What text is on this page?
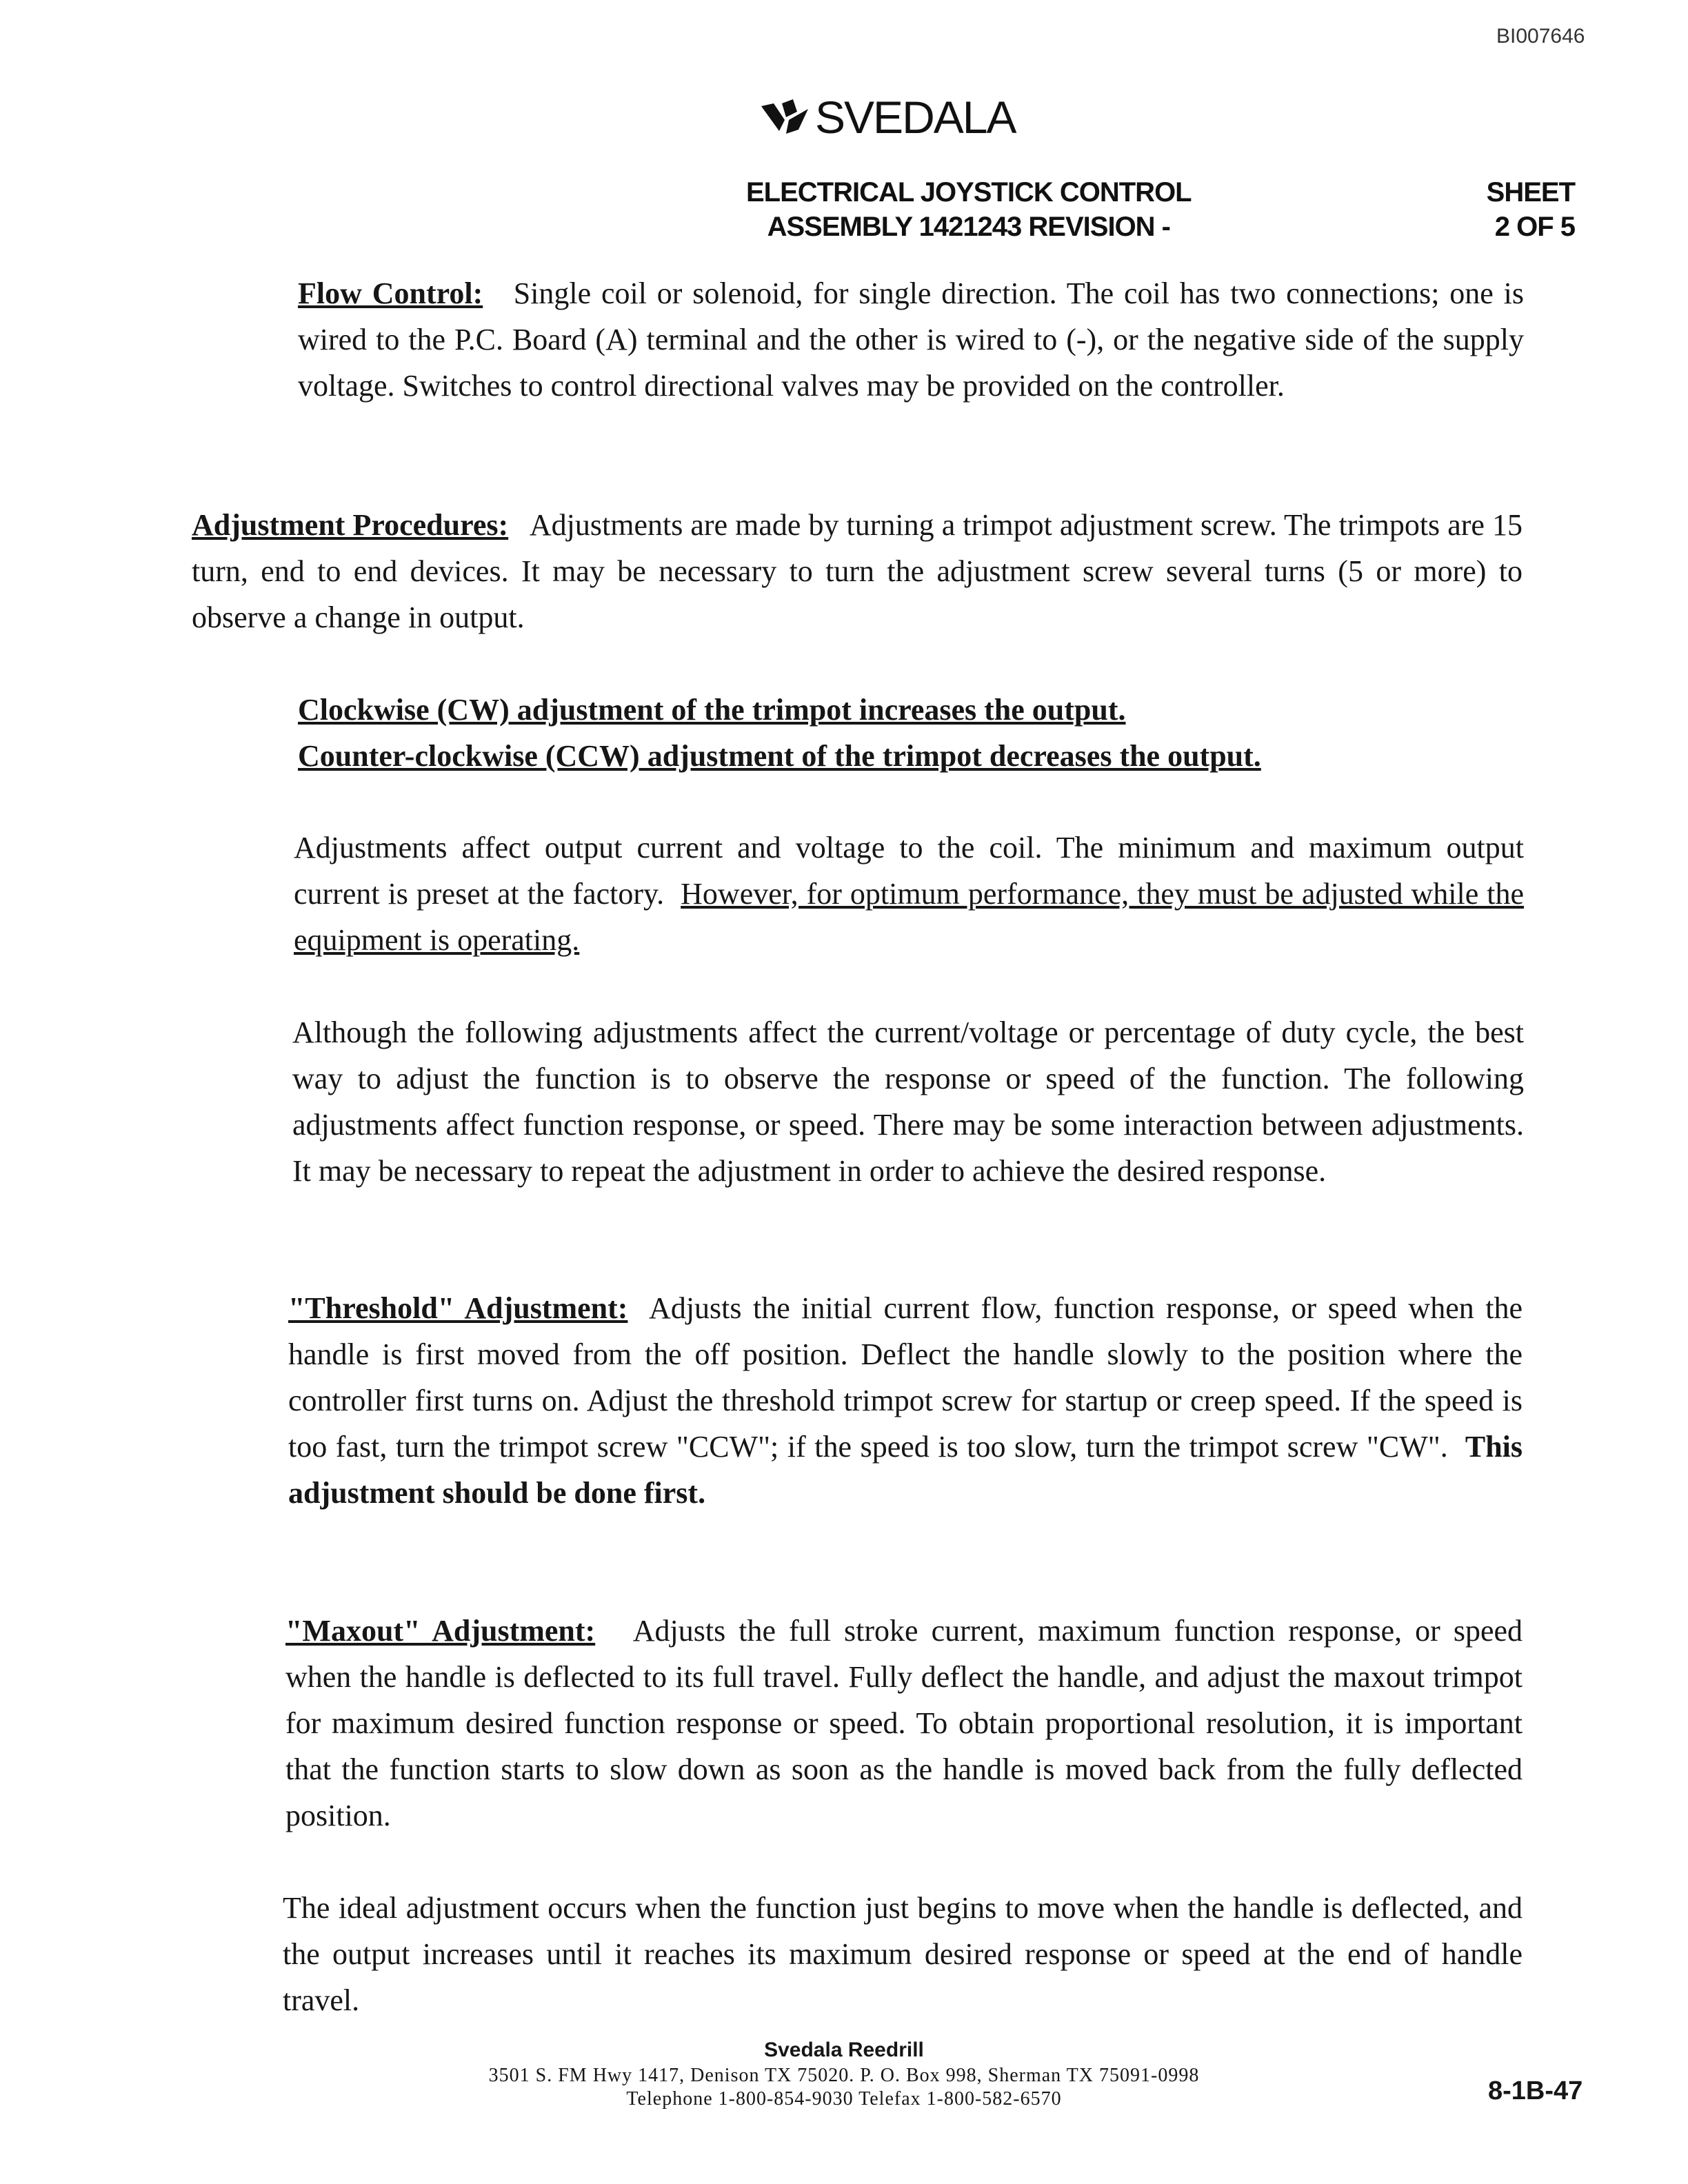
BI007646
SVEDALA
ELECTRICAL JOYSTICK CONTROL
ASSEMBLY 1421243 REVISION -
SHEET
2 OF 5

Flow Control: Single coil or solenoid, for single direction. The coil has two connections; one is wired to the P.C. Board (A) terminal and the other is wired to (-), or the negative side of the supply voltage. Switches to control directional valves may be provided on the controller.

Adjustment Procedures: Adjustments are made by turning a trimpot adjustment screw. The trimpots are 15 turn, end to end devices. It may be necessary to turn the adjustment screw several turns (5 or more) to observe a change in output.

Clockwise (CW) adjustment of the trimpot increases the output.
Counter-clockwise (CCW) adjustment of the trimpot decreases the output.

Adjustments affect output current and voltage to the coil. The minimum and maximum output current is preset at the factory. However, for optimum performance, they must be adjusted while the equipment is operating.

Although the following adjustments affect the current/voltage or percentage of duty cycle, the best way to adjust the function is to observe the response or speed of the function. The following adjustments affect function response, or speed. There may be some interaction between adjustments. It may be necessary to repeat the adjustment in order to achieve the desired response.

"Threshold" Adjustment: Adjusts the initial current flow, function response, or speed when the handle is first moved from the off position. Deflect the handle slowly to the position where the controller first turns on. Adjust the threshold trimpot screw for startup or creep speed. If the speed is too fast, turn the trimpot screw "CCW"; if the speed is too slow, turn the trimpot screw "CW". This adjustment should be done first.

"Maxout" Adjustment: Adjusts the full stroke current, maximum function response, or speed when the handle is deflected to its full travel. Fully deflect the handle, and adjust the maxout trimpot for maximum desired function response or speed. To obtain proportional resolution, it is important that the function starts to slow down as soon as the handle is moved back from the fully deflected position.

The ideal adjustment occurs when the function just begins to move when the handle is deflected, and the output increases until it reaches its maximum desired response or speed at the end of handle travel.

Svedala Reedrill
3501 S. FM Hwy 1417, Denison TX 75020. P. O. Box 998, Sherman TX 75091-0998
Telephone 1-800-854-9030 Telefax 1-800-582-6570	8-1B-47
